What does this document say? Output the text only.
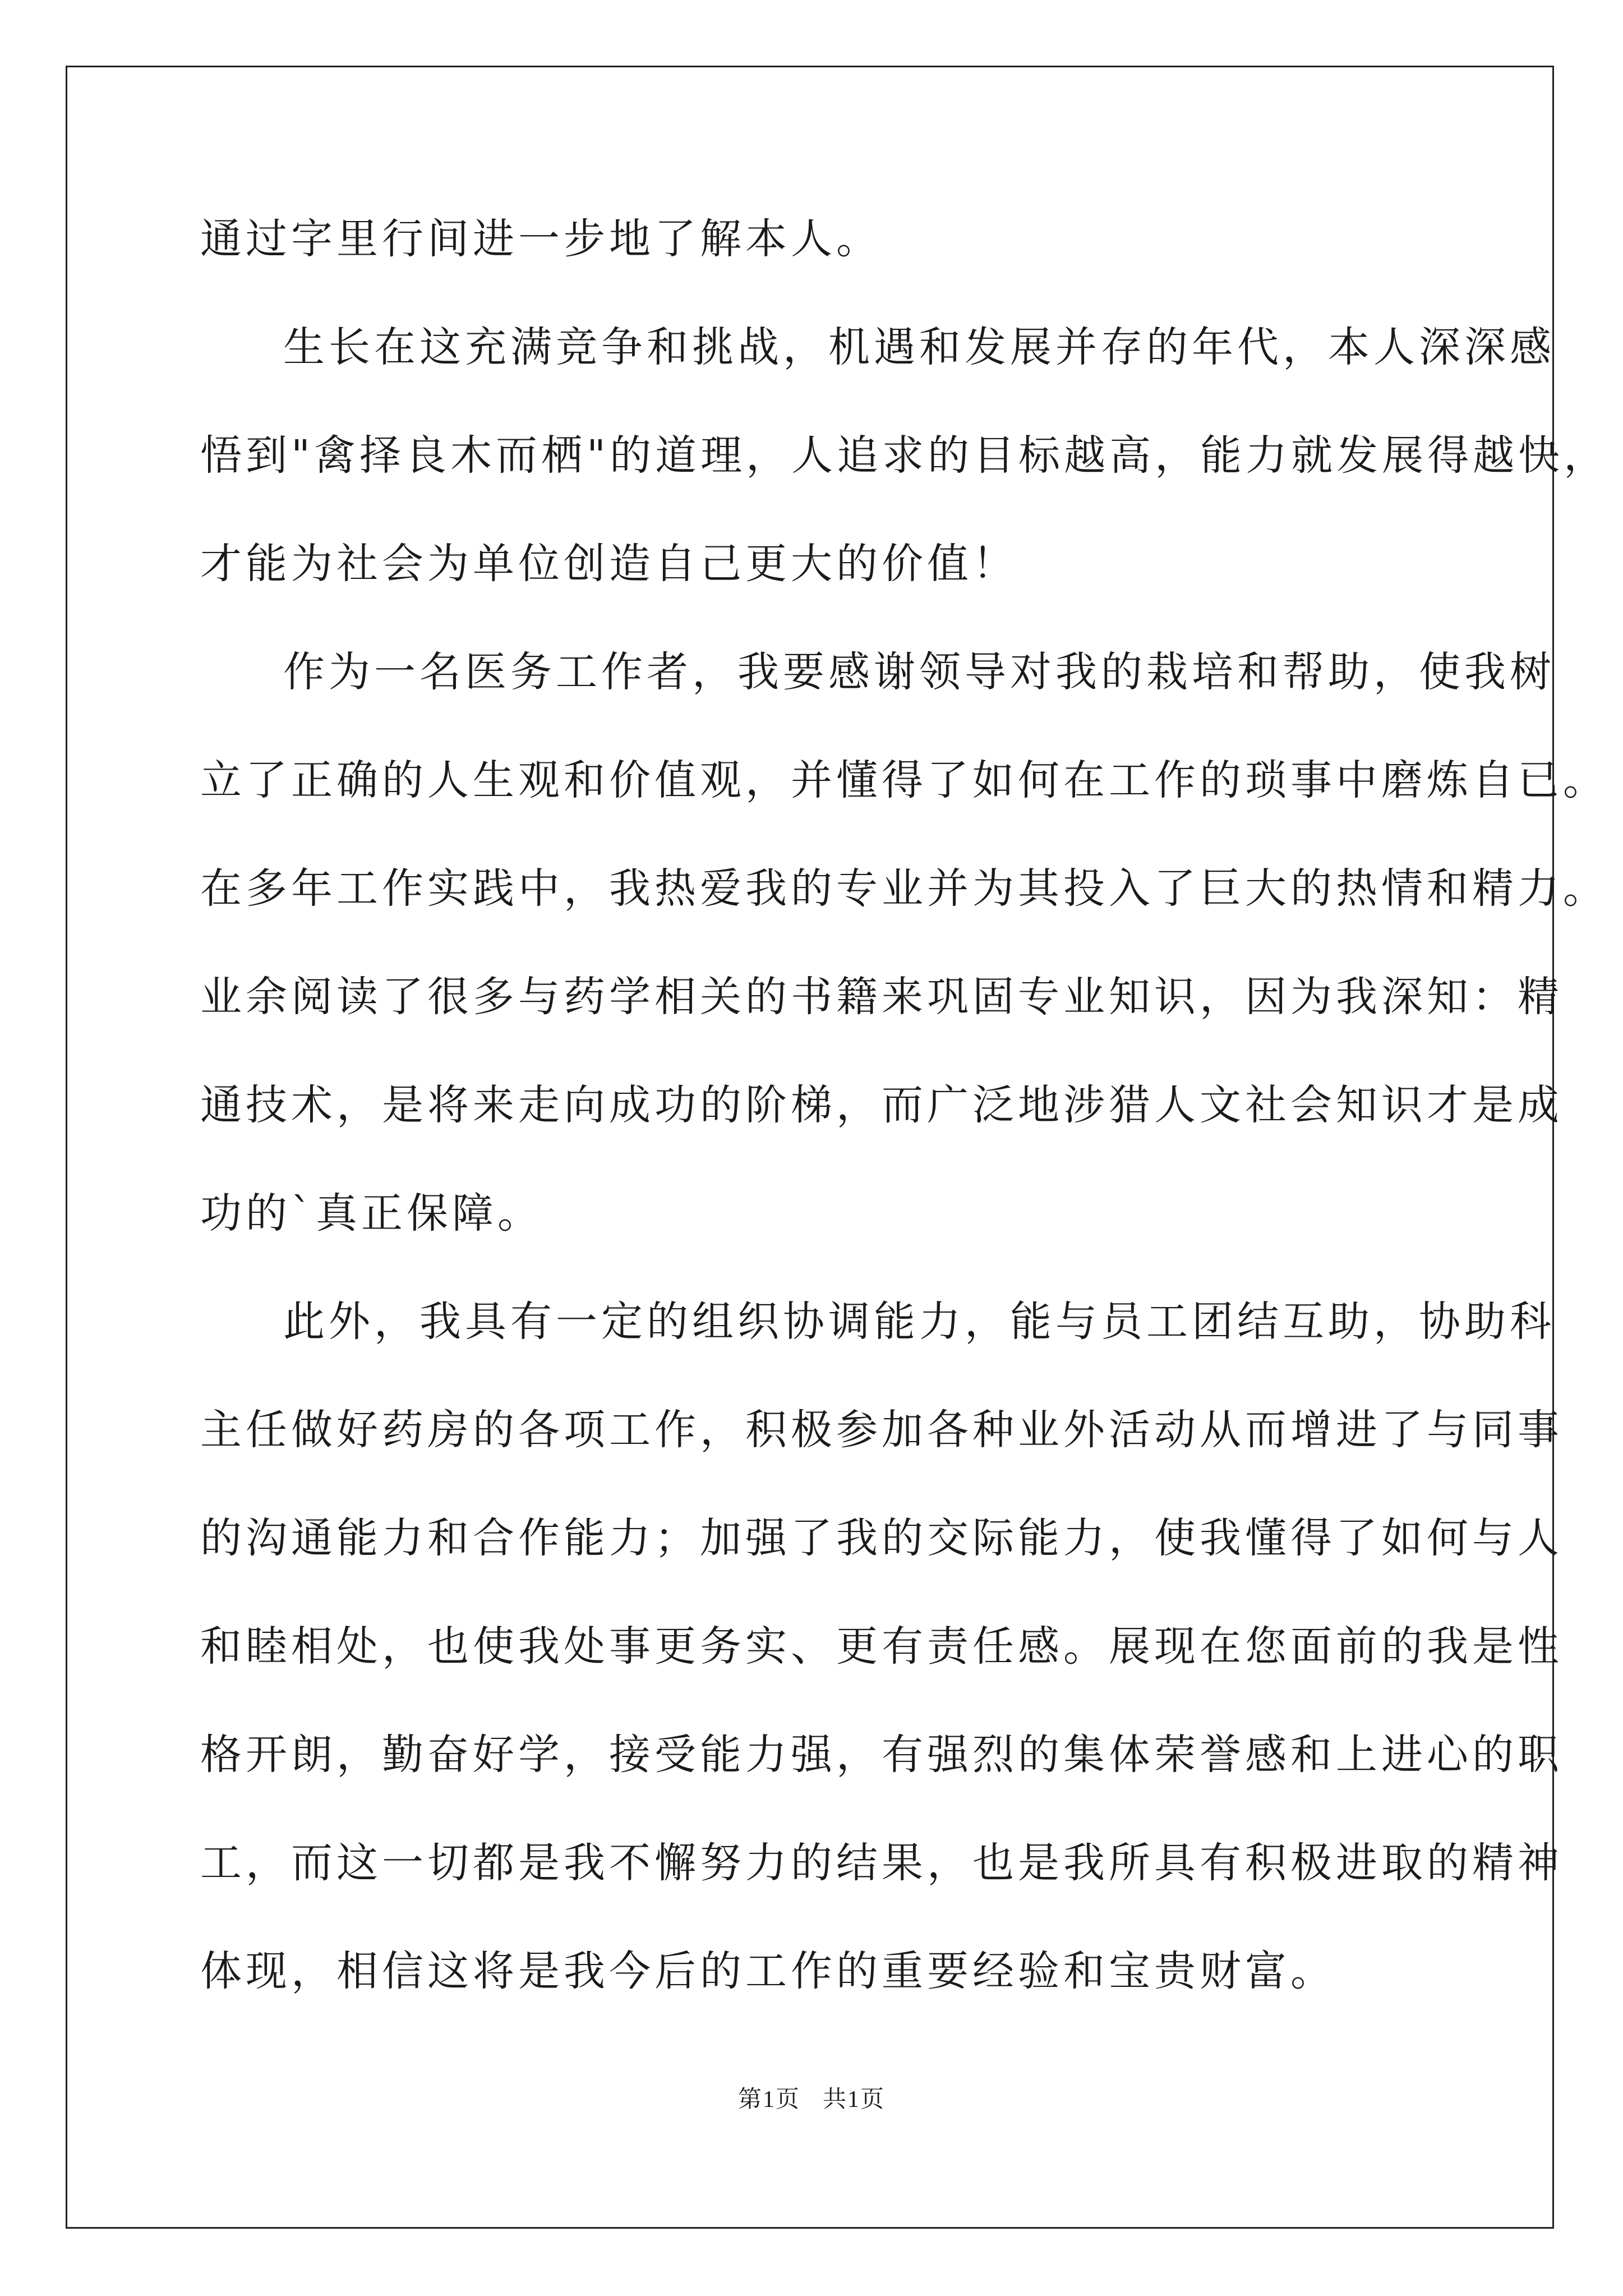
通过字里行间进一步地了解本人。

生长在这充满竞争和挑战，机遇和发展并存的年代，本人深深感

悟到"禽择良木而栖"的道理，人追求的目标越高，能力就发展得越快，

才能为社会为单位创造自己更大的价值！

作为一名医务工作者，我要感谢领导对我的栽培和帮助，使我树

立了正确的人生观和价值观，并懂得了如何在工作的琐事中磨炼自已。

在多年工作实践中，我热爱我的专业并为其投入了巨大的热情和精力。

业余阅读了很多与药学相关的书籍来巩固专业知识，因为我深知：精

通技术，是将来走向成功的阶梯，而广泛地涉猎人文社会知识才是成

功的`真正保障。

此外，我具有一定的组织协调能力，能与员工团结互助，协助科

主任做好药房的各项工作，积极参加各种业外活动从而增进了与同事

的沟通能力和合作能力；加强了我的交际能力，使我懂得了如何与人

和睦相处，也使我处事更务实、更有责任感。展现在您面前的我是性

格开朗，勤奋好学，接受能力强，有强烈的集体荣誉感和上进心的职

工，而这一切都是我不懈努力的结果，也是我所具有积极进取的精神

体现，相信这将是我今后的工作的重要经验和宝贵财富。

第1页 共1页
